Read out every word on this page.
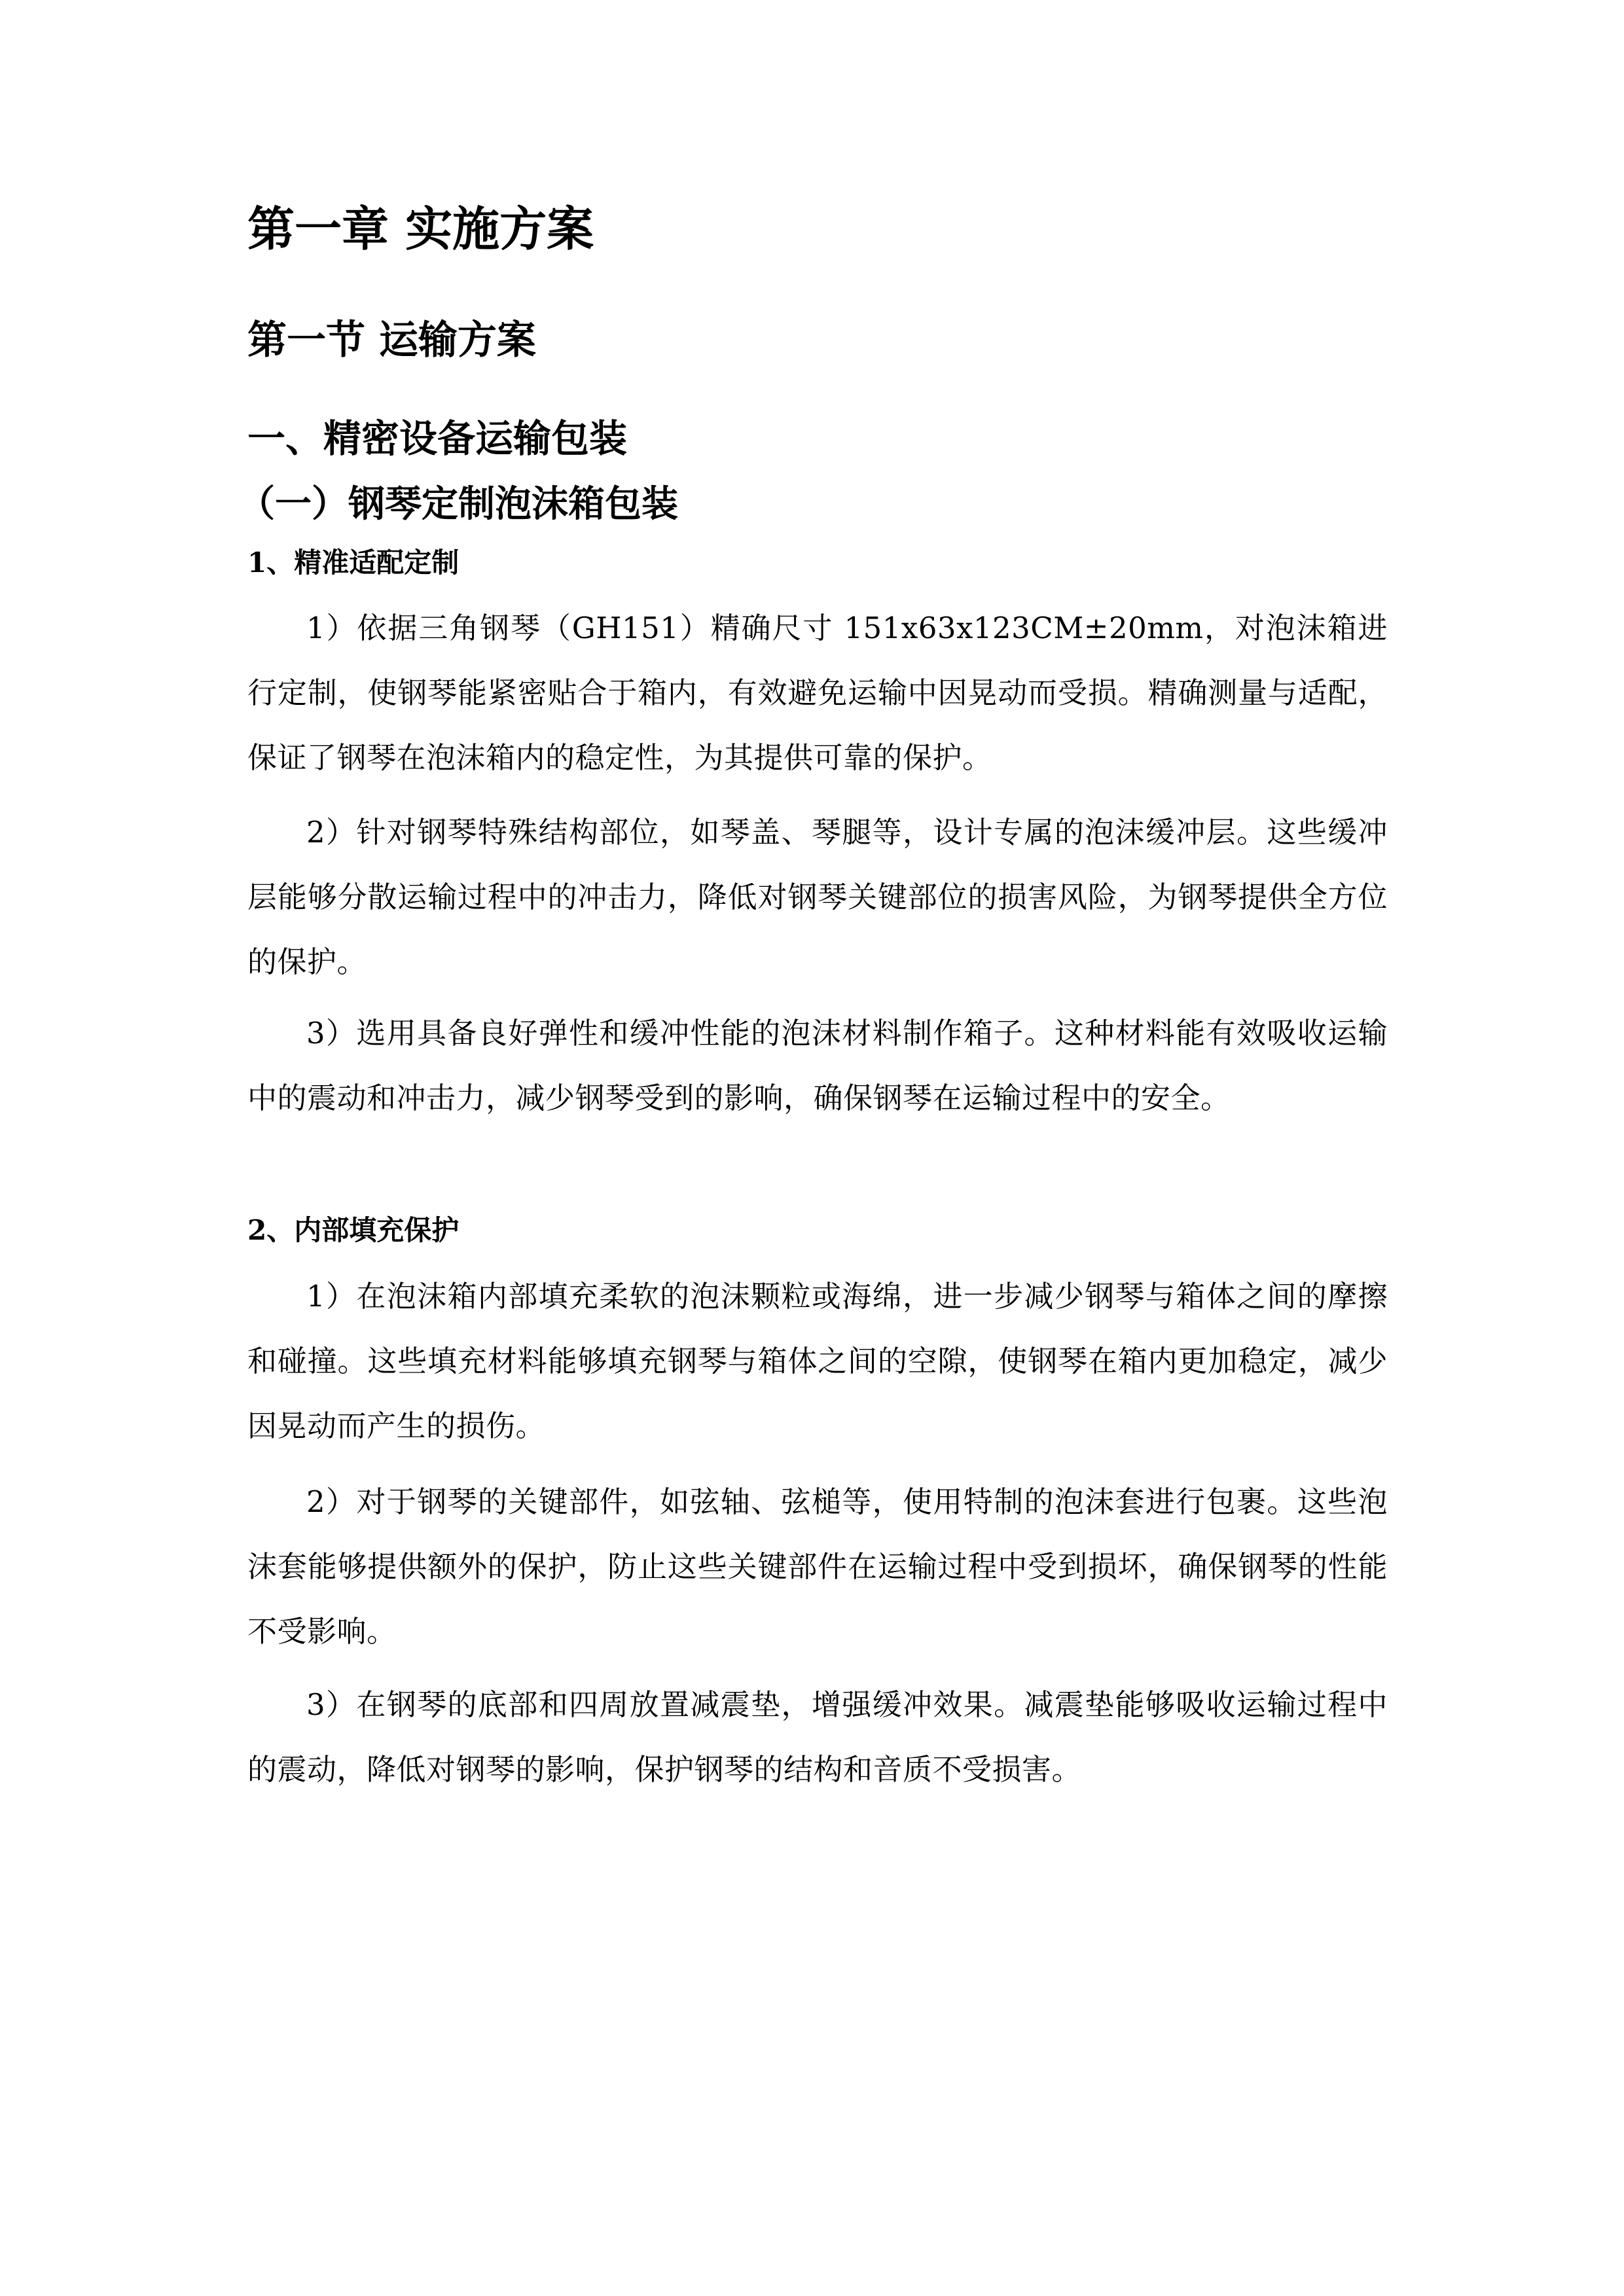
第一章 实施方案
第一节 运输方案
一、精密设备运输包装
（一）钢琴定制泡沫箱包装
1、精准适配定制

1）依据三角钢琴（GH151）精确尺寸 151x63x123CM±20mm，对泡沫箱进行定制，使钢琴能紧密贴合于箱内，有效避免运输中因晃动而受损。精确测量与适配，保证了钢琴在泡沫箱内的稳定性，为其提供可靠的保护。

2）针对钢琴特殊结构部位，如琴盖、琴腿等，设计专属的泡沫缓冲层。这些缓冲层能够分散运输过程中的冲击力，降低对钢琴关键部位的损害风险，为钢琴提供全方位的保护。

3）选用具备良好弹性和缓冲性能的泡沫材料制作箱子。这种材料能有效吸收运输中的震动和冲击力，减少钢琴受到的影响，确保钢琴在运输过程中的安全。

2、内部填充保护

1）在泡沫箱内部填充柔软的泡沫颗粒或海绵，进一步减少钢琴与箱体之间的摩擦和碰撞。这些填充材料能够填充钢琴与箱体之间的空隙，使钢琴在箱内更加稳定，减少因晃动而产生的损伤。

2）对于钢琴的关键部件，如弦轴、弦槌等，使用特制的泡沫套进行包裹。这些泡沫套能够提供额外的保护，防止这些关键部件在运输过程中受到损坏，确保钢琴的性能不受影响。

3）在钢琴的底部和四周放置减震垫，增强缓冲效果。减震垫能够吸收运输过程中的震动，降低对钢琴的影响，保护钢琴的结构和音质不受损害。
